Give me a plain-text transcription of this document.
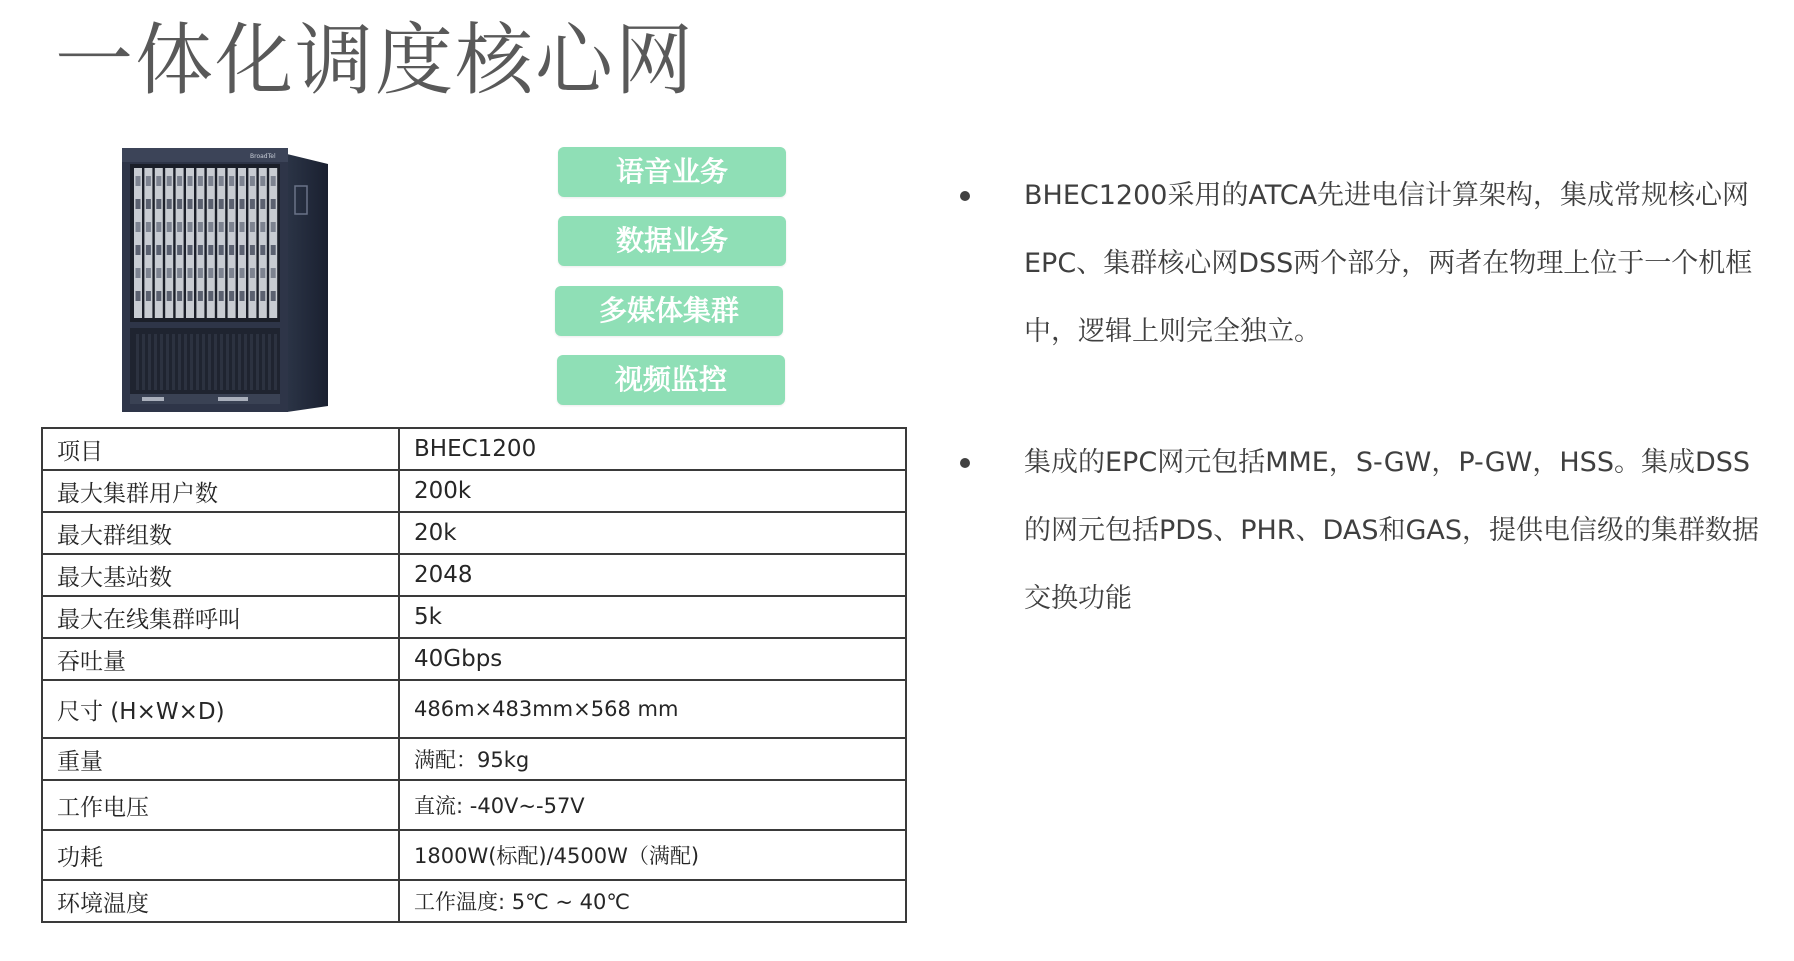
一体化调度核心网
BroadTel	语音业务
数据业务
多媒体集群
视频监控
项目	BHEC1200
最大集群用户数	200k
最大群组数	20k
最大基站数	2048
最大在线集群呼叫	5k
吞吐量	40Gbps
尺寸 (H×W×D)	486m×483mm×568 mm
重量	满配：95kg
工作电压	直流: -40V~-57V
功耗	1800W(标配)/4500W（满配)
环境温度	工作温度: 5℃ ~ 40℃
BHEC1200采用的ATCA先进电信计算架构，集成常规核心网EPC、集群核心网DSS两个部分，两者在物理上位于一个机框中，逻辑上则完全独立。
集成的EPC网元包括MME，S-GW，P-GW，HSS。集成DSS的网元包括PDS、PHR、DAS和GAS，提供电信级的集群数据交换功能
